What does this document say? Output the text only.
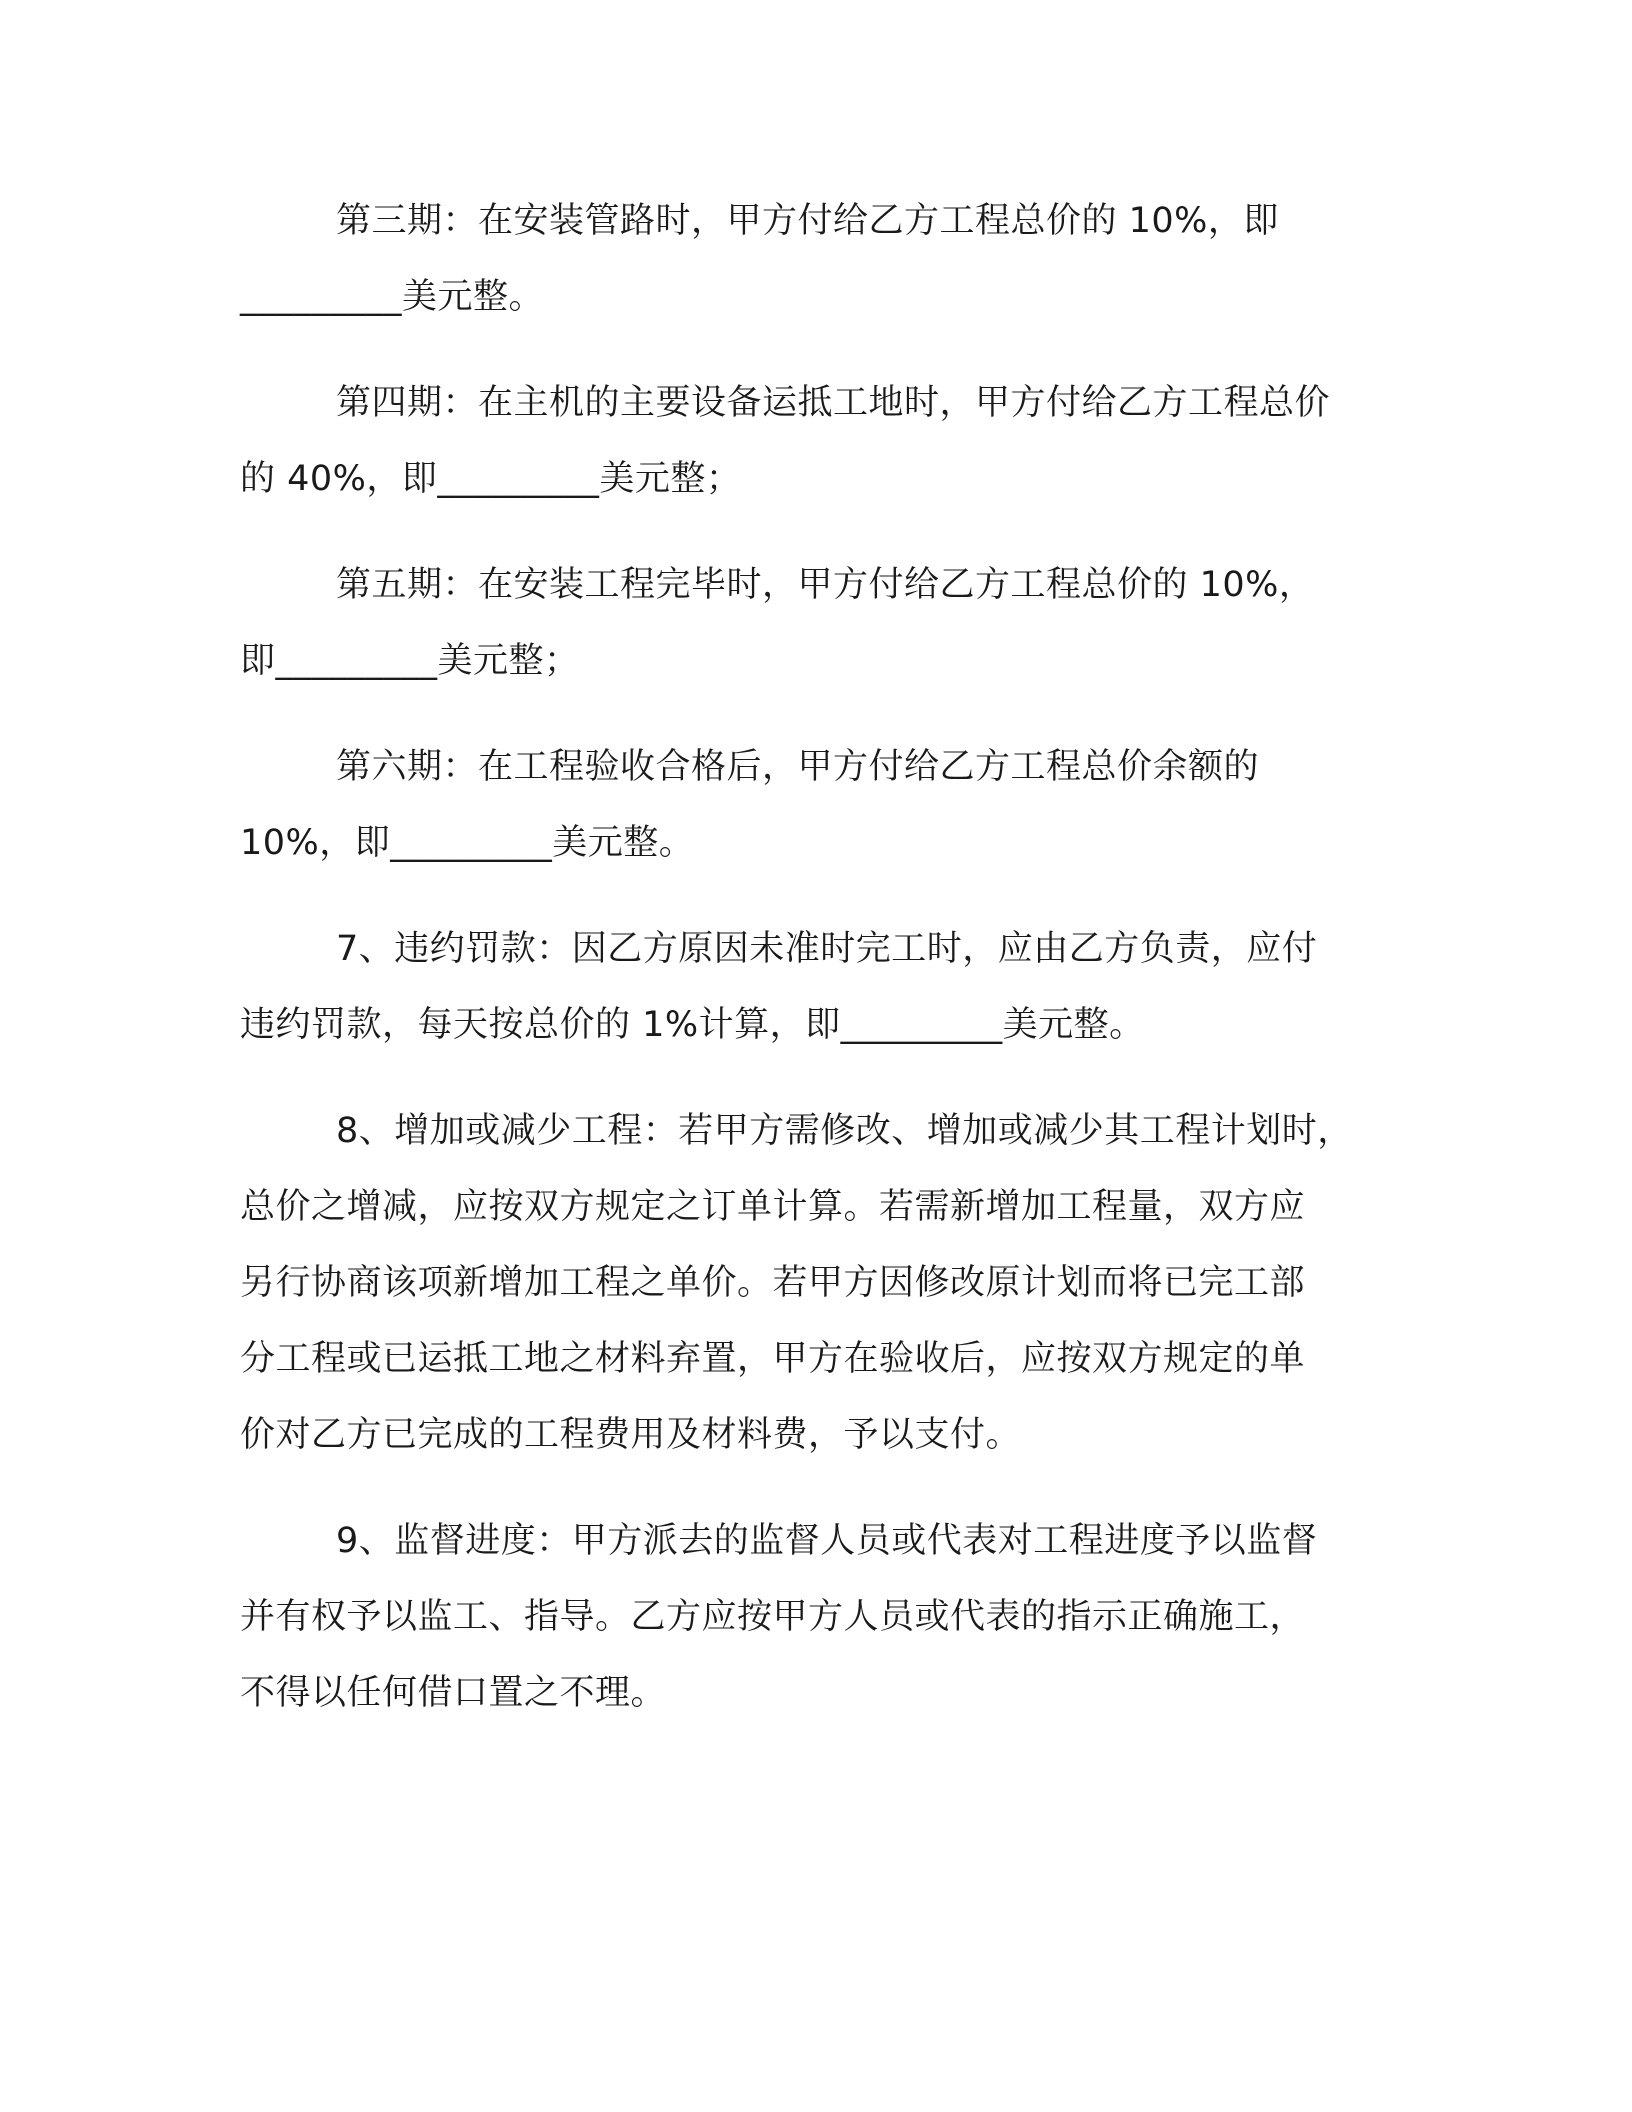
第三期：在安装管路时，甲方付给乙方工程总价的 10%，即
_________美元整。

第四期：在主机的主要设备运抵工地时，甲方付给乙方工程总价
的 40%，即_________美元整；

第五期：在安装工程完毕时，甲方付给乙方工程总价的 10%，
即_________美元整；

第六期：在工程验收合格后，甲方付给乙方工程总价余额的
10%，即_________美元整。

7、违约罚款：因乙方原因未准时完工时，应由乙方负责，应付
违约罚款，每天按总价的 1%计算，即_________美元整。

8、增加或减少工程：若甲方需修改、增加或减少其工程计划时，
总价之增减，应按双方规定之订单计算。若需新增加工程量，双方应
另行协商该项新增加工程之单价。若甲方因修改原计划而将已完工部
分工程或已运抵工地之材料弃置，甲方在验收后，应按双方规定的单
价对乙方已完成的工程费用及材料费，予以支付。

9、监督进度：甲方派去的监督人员或代表对工程进度予以监督
并有权予以监工、指导。乙方应按甲方人员或代表的指示正确施工，
不得以任何借口置之不理。
